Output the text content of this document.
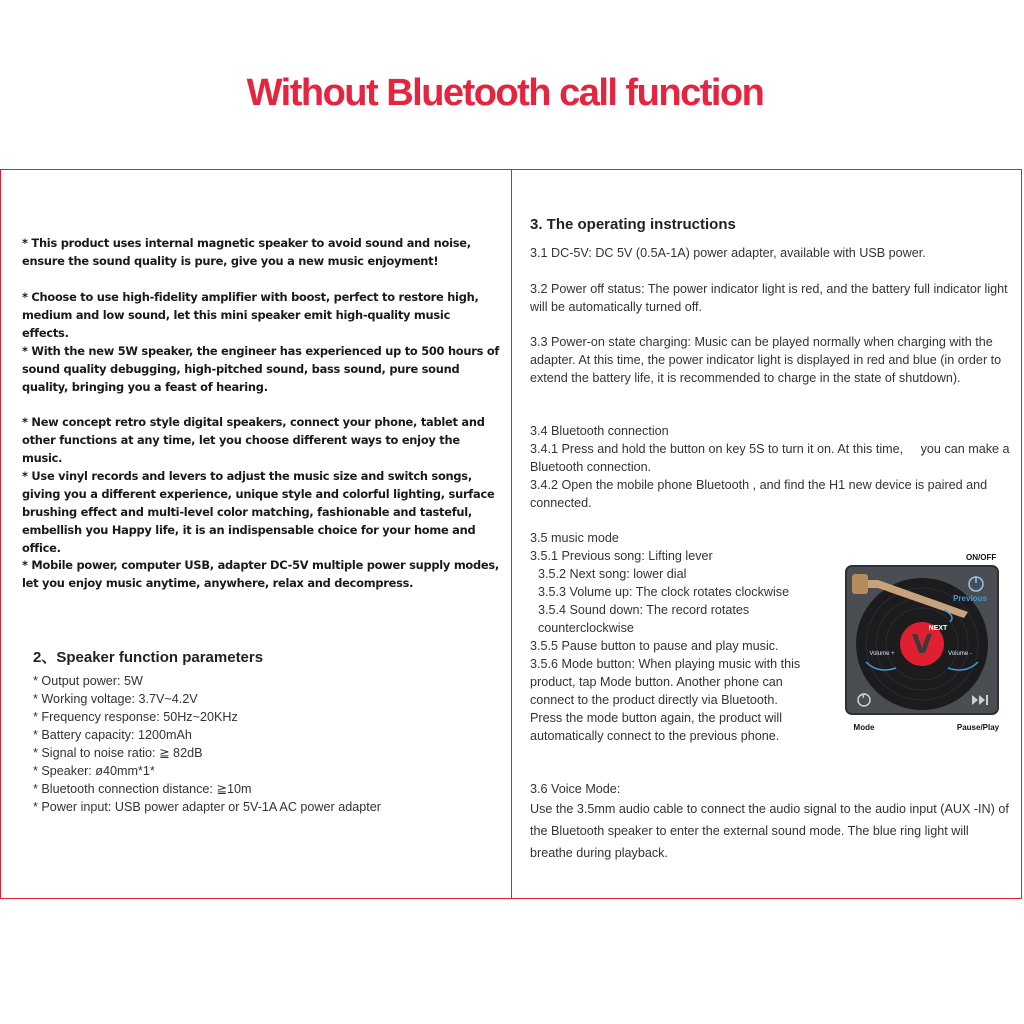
Without Bluetooth call function
* This product uses internal magnetic speaker to avoid sound and noise, ensure the sound quality is pure, give you a new music enjoyment!
* Choose to use high-fidelity amplifier with boost, perfect to restore high, medium and low sound, let this mini speaker emit high-quality music effects.
* With the new 5W speaker, the engineer has experienced up to 500 hours of sound quality debugging, high-pitched sound, bass sound, pure sound quality, bringing you a feast of hearing.
* New concept retro style digital speakers, connect your phone, tablet and other functions at any time, let you choose different ways to enjoy the music.
* Use vinyl records and levers to adjust the music size and switch songs, giving you a different experience, unique style and colorful lighting, surface brushing effect and multi-level color matching, fashionable and tasteful, embellish you Happy life, it is an indispensable choice for your home and office.
* Mobile power, computer USB, adapter DC-5V multiple power supply modes, let you enjoy music anytime, anywhere, relax and decompress.
2、Speaker function parameters
* Output power: 5W
* Working voltage: 3.7V~4.2V
* Frequency response: 50Hz~20KHz
* Battery capacity: 1200mAh
* Signal to noise ratio: ≧ 82dB
* Speaker: ø40mm*1*
* Bluetooth connection distance: ≧10m
* Power input: USB power adapter or 5V-1A AC power adapter
3. The operating instructions
3.1 DC-5V: DC 5V (0.5A-1A) power adapter, available with USB power.
3.2 Power off status: The power indicator light is red, and the battery full indicator light will be automatically turned off.
3.3 Power-on state charging: Music can be played normally when charging with the adapter. At this time, the power indicator light is displayed in red and blue (in order to extend the battery life, it is recommended to charge in the state of shutdown).
3.4 Bluetooth connection
3.4.1 Press and hold the button on key 5S to turn it on. At this time,     you can make a Bluetooth connection.
3.4.2 Open the mobile phone Bluetooth , and find the H1 new device is paired and connected.
3.5 music mode
3.5.1 Previous song: Lifting lever
3.5.2 Next song: lower dial
3.5.3 Volume up: The clock rotates clockwise
3.5.4 Sound down: The record rotates counterclockwise
3.5.5 Pause button to pause and play music.
3.5.6 Mode button: When playing music with this product, tap Mode button. Another phone can connect to the product directly via Bluetooth. Press the mode button again, the product will automatically connect to the previous phone.
3.6 Voice Mode:
Use the 3.5mm audio cable to connect the audio signal to the audio input (AUX -IN) of the Bluetooth speaker to enter the external sound mode. The blue ring light will breathe during playback.
ON/OFF
V
Previous
NEXT
Volume +	Volume -
Mode	Pause/Play
